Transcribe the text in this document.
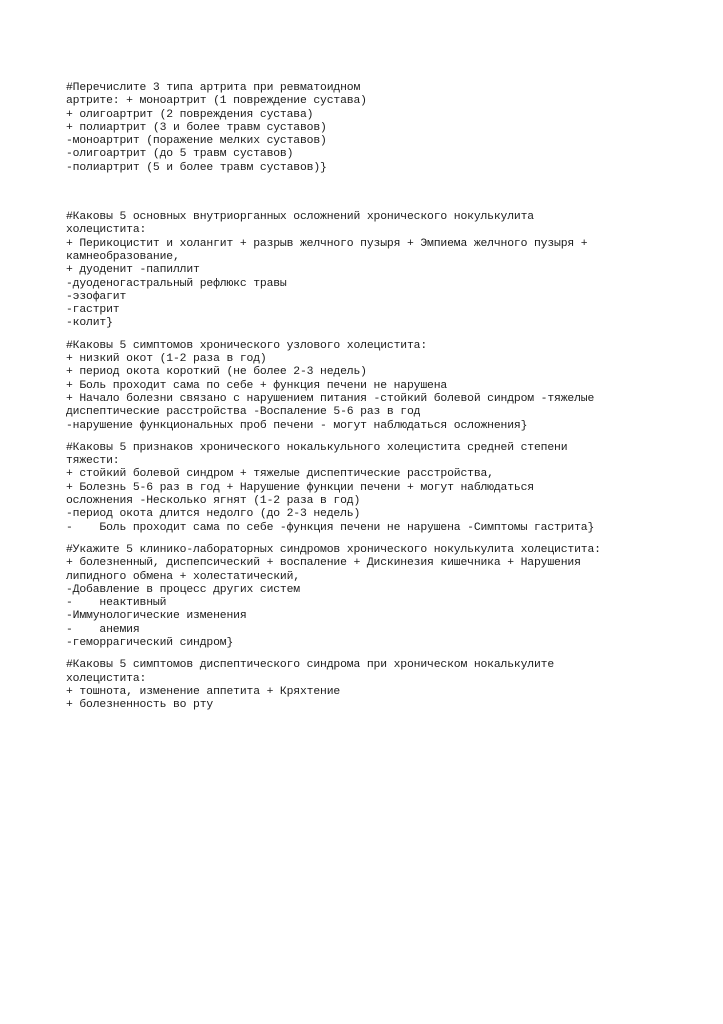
#Перечислите 3 типа артрита при ревматоидном
артрите: + моноартрит (1 повреждение сустава)
+ олигоартрит (2 повреждения сустава)
+ полиартрит (3 и более травм суставов)
-моноартрит (поражение мелких суставов)
-олигоартрит (до 5 травм суставов)
-полиартрит (5 и более травм суставов)}
#Каковы 5 основных внутриорганных осложнений хронического нокулькулита
холецистита:
+ Перикоцистит и холангит + разрыв желчного пузыря + Эмпиема желчного пузыря +
камнеобразование,
+ дуоденит -папиллит
-дуоденогастральный рефлюкс травы
-эзофагит
-гастрит
-колит}
#Каковы 5 симптомов хронического узлового холецистита:
+ низкий окот (1-2 раза в год)
+ период окота короткий (не более 2-3 недель)
+ Боль проходит сама по себе + функция печени не нарушена
+ Начало болезни связано с нарушением питания -стойкий болевой синдром -тяжелые
диспептические расстройства -Воспаление 5-6 раз в год
-нарушение функциональных проб печени - могут наблюдаться осложнения}
#Каковы 5 признаков хронического нокалькульного холецистита средней степени
тяжести:
+ стойкий болевой синдром + тяжелые диспептические расстройства,
+ Болезнь 5-6 раз в год + Нарушение функции печени + могут наблюдаться
осложнения -Несколько ягнят (1-2 раза в год)
-период окота длится недолго (до 2-3 недель)
-    Боль проходит сама по себе -функция печени не нарушена -Симптомы гастрита}
#Укажите 5 клинико-лабораторных синдромов хронического нокулькулита холецистита:
+ болезненный, диспепсический + воспаление + Дискинезия кишечника + Нарушения
липидного обмена + холестатический,
-Добавление в процесс других систем
-    неактивный
-Иммунологические изменения
-    анемия
-геморрагический синдром}
#Каковы 5 симптомов диспептического синдрома при хроническом нокалькулите
холецистита:
+ тошнота, изменение аппетита + Кряхтение
+ болезненность во рту
